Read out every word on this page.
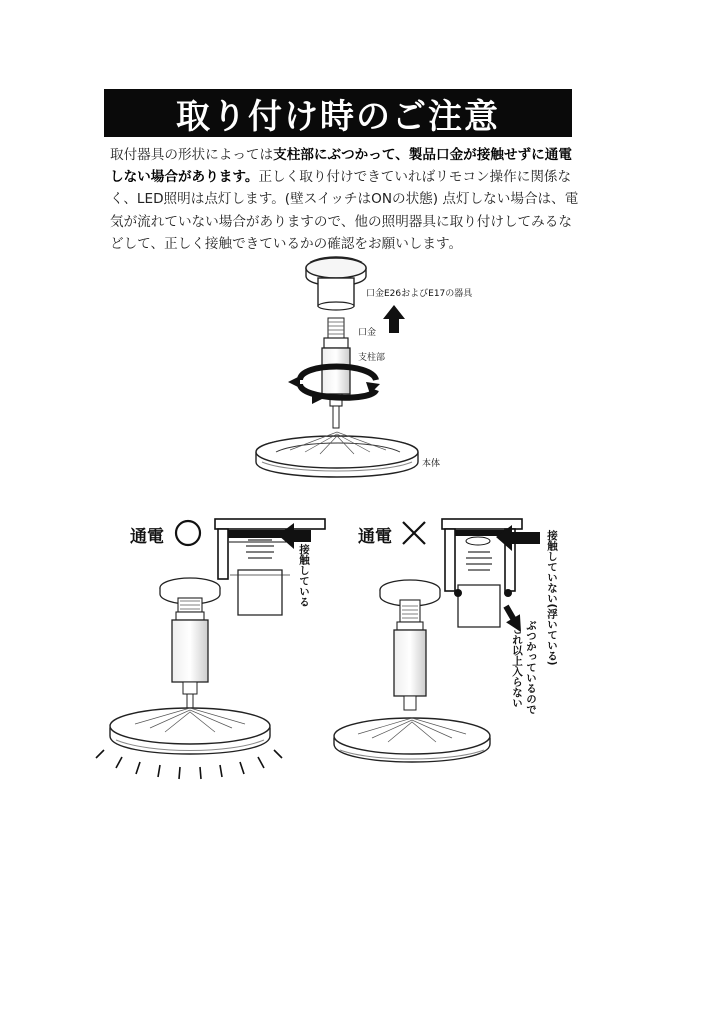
取り付け時のご注意

取付器具の形状によっては支柱部にぶつかって、製品口金が接触せずに通電しない場合があります。正しく取り付けできていればリモコン操作に関係なく、LED照明は点灯します。(壁スイッチはONの状態) 点灯しない場合は、電気が流れていない場合がありますので、他の照明器具に取り付けしてみるなどして、正しく接触できているかの確認をお願いします。

口金E26およびE17の器具
口金
支柱部
本体
通電
接触している
通電	接触していない(浮いている)
ぶつかっているので
これ以上入らない
